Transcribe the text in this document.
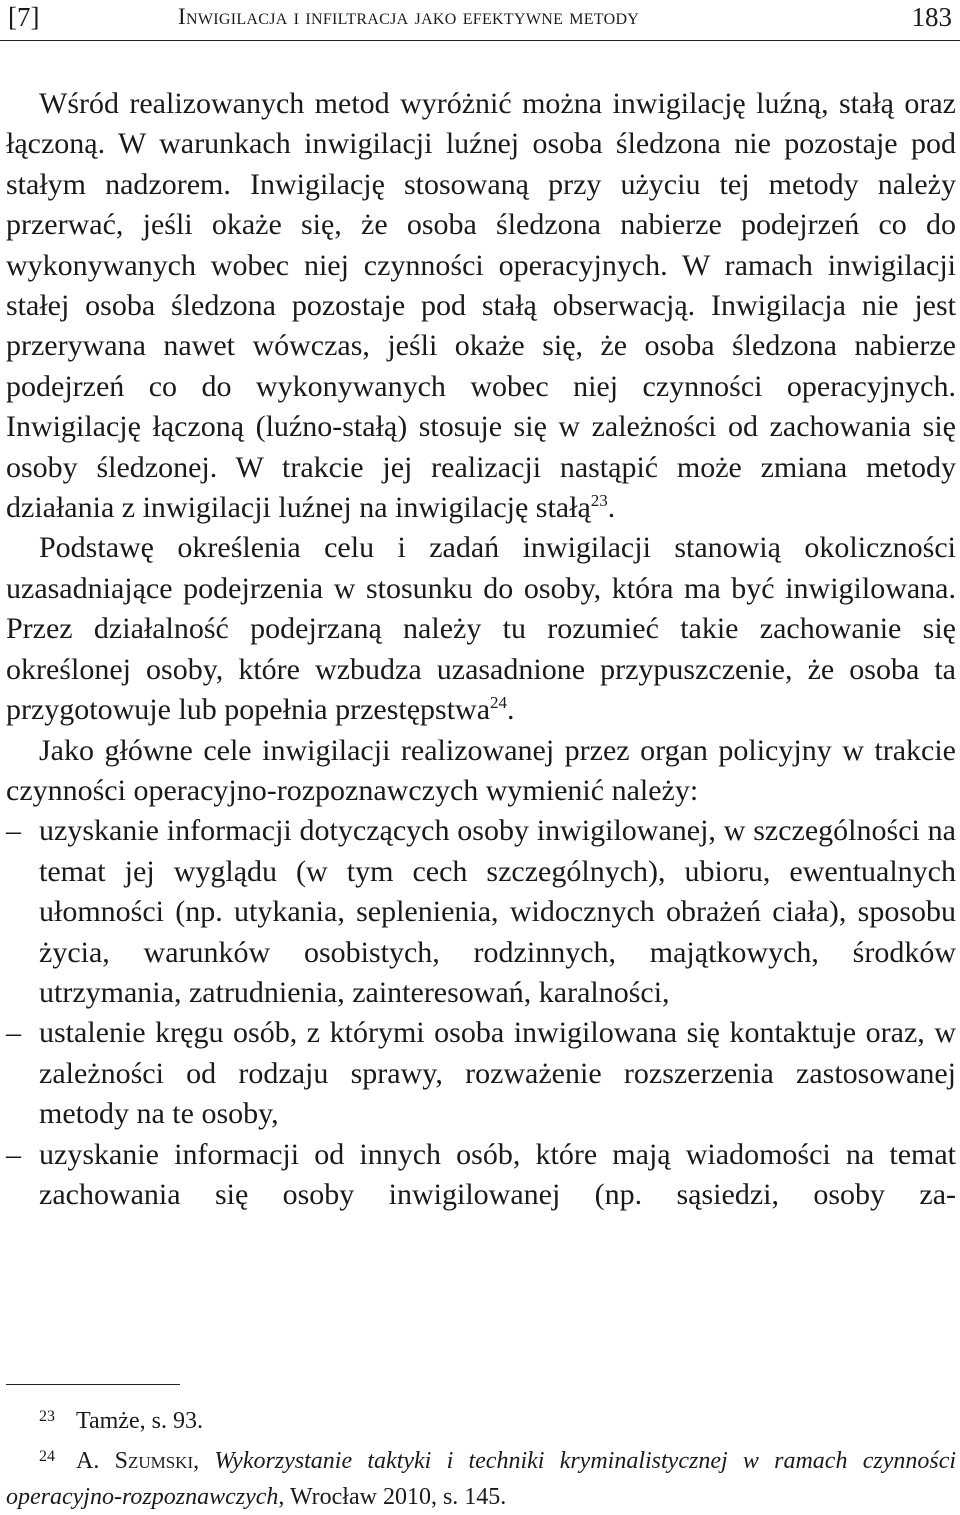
[7]	Inwigilacja i infiltracja jako efektywne metody	183

Wśród realizowanych metod wyróżnić można inwigilację luźną, stałą oraz łączoną. W warunkach inwigilacji luźnej osoba śledzona nie pozostaje pod stałym nadzorem. Inwigilację stosowaną przy użyciu tej metody należy przerwać, jeśli okaże się, że osoba śledzona nabierze podejrzeń co do wykonywanych wobec niej czynności operacyjnych. W ramach inwigilacji stałej osoba śledzona pozostaje pod stałą obserwacją. Inwigilacja nie jest przerywana nawet wówczas, jeśli okaże się, że osoba śledzona nabierze podejrzeń co do wykonywanych wobec niej czynności operacyjnych. Inwigilację łączoną (luźno-stałą) stosuje się w zależności od zachowania się osoby śledzonej. W trakcie jej realizacji nastąpić może zmiana metody działania z inwigilacji luźnej na inwigilację stałą$^{23}$.

Podstawę określenia celu i zadań inwigilacji stanowią okoliczności uzasadniające podejrzenia w stosunku do osoby, która ma być inwigilowana. Przez działalność podejrzaną należy tu rozumieć takie zachowanie się określonej osoby, które wzbudza uzasadnione przypuszczenie, że osoba ta przygotowuje lub popełnia przestępstwa$^{24}$.

Jako główne cele inwigilacji realizowanej przez organ policyjny w trakcie czynności operacyjno-rozpoznawczych wymienić należy:

– uzyskanie informacji dotyczących osoby inwigilowanej, w szczególności na temat jej wyglądu (w tym cech szczególnych), ubioru, ewentualnych ułomności (np. utykania, seplenienia, widocznych obrażeń ciała), sposobu życia, warunków osobistych, rodzinnych, majątkowych, środków utrzymania, zatrudnienia, zainteresowań, karalności,
– ustalenie kręgu osób, z którymi osoba inwigilowana się kontaktuje oraz, w zależności od rodzaju sprawy, rozważenie rozszerzenia zastosowanej metody na te osoby,
– uzyskanie informacji od innych osób, które mają wiadomości na temat zachowania się osoby inwigilowanej (np. sąsiedzi, osoby za-
23 Tamże, s. 93.
24 A. Szumski, Wykorzystanie taktyki i techniki kryminalistycznej w ramach czynności operacyjno-rozpoznawczych, Wrocław 2010, s. 145.
